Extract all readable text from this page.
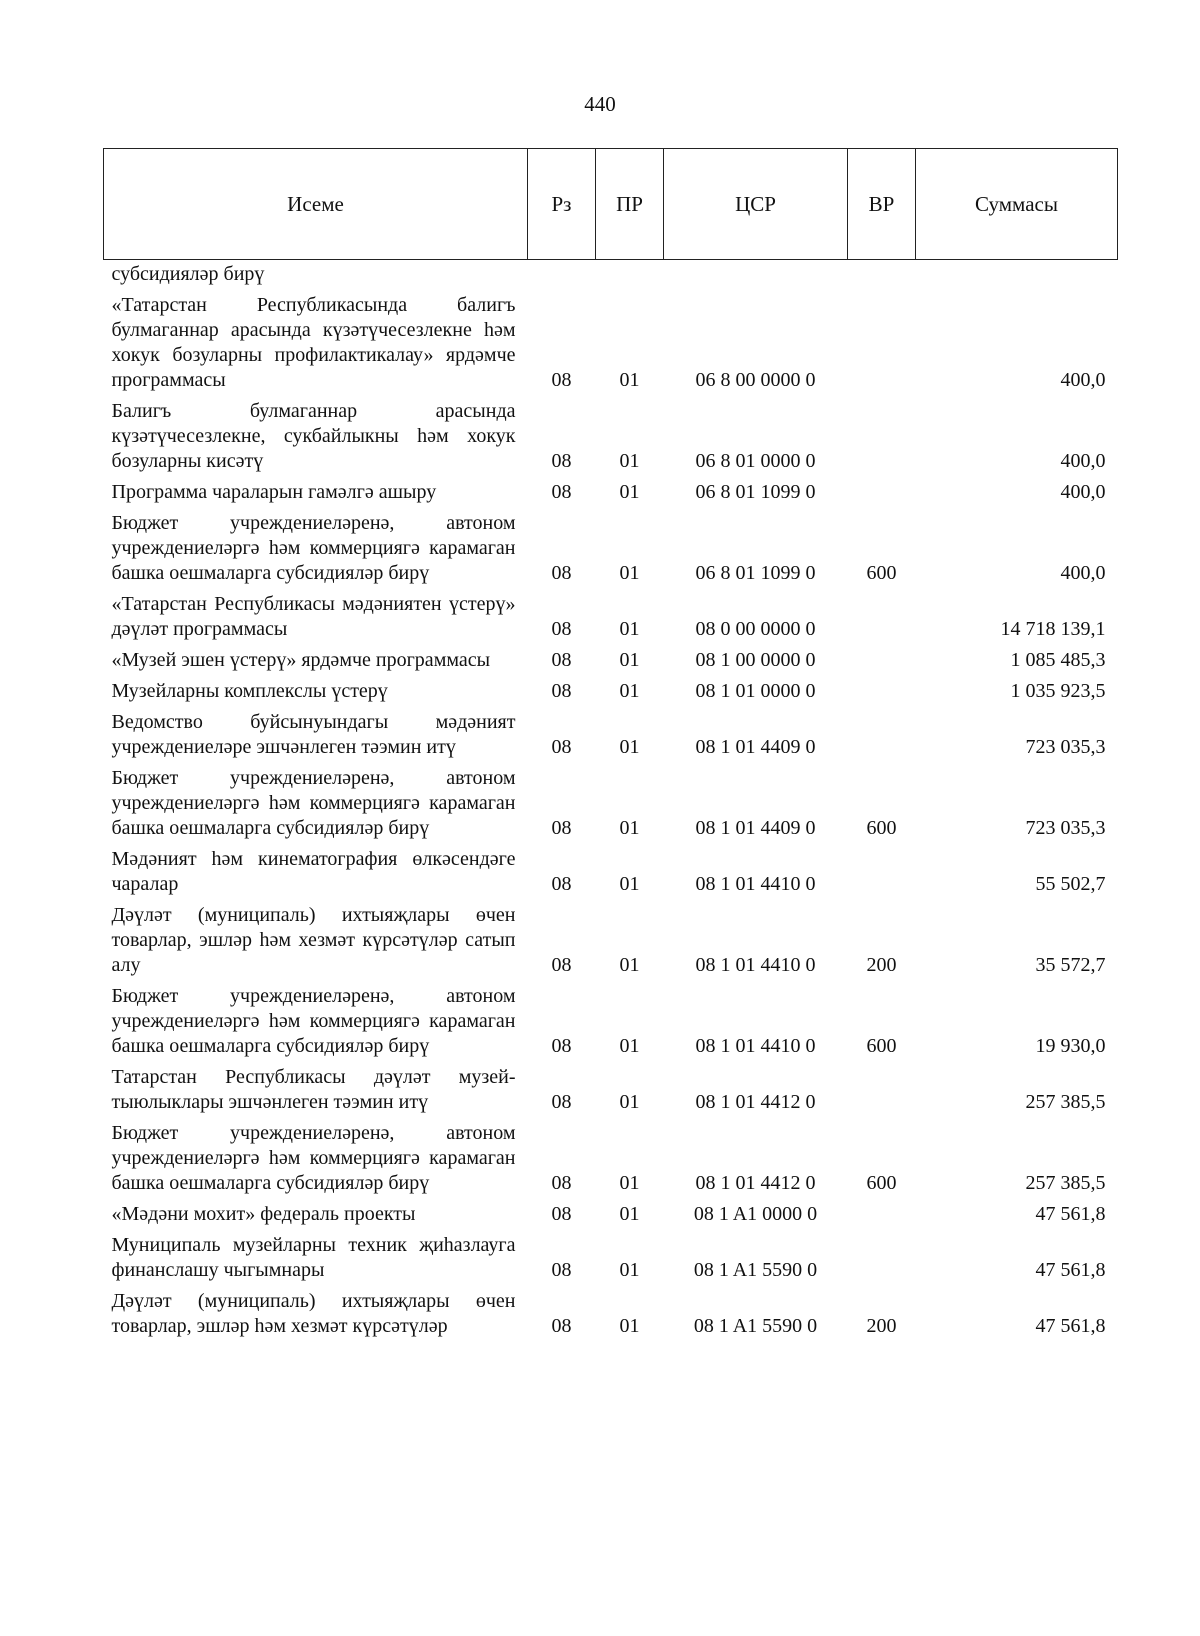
440
Исеме	Рз	ПР	ЦСР	ВР	Суммасы

субсидияләр бирү					

«Татарстан Республикасында балигъ булмаганнар арасында күзәтүчесезлекне һәм хокук бозуларны профилактикалау» ярдәмче программасы	08	01	06 8 00 0000 0		400,0

Балигъ булмаганнар арасында күзәтүчесезлекне, сукбайлыкны һәм хокук бозуларны кисәтү	08	01	06 8 01 0000 0		400,0

Программа чараларын гамәлгә ашыру	08	01	06 8 01 1099 0		400,0

Бюджет учреждениеләренә, автоном учреждениеләргә һәм коммерциягә карамаган башка оешмаларга субсидияләр бирү	08	01	06 8 01 1099 0	600	400,0

«Татарстан Республикасы мәдәниятен үстерү» дәүләт программасы	08	01	08 0 00 0000 0		14 718 139,1

«Музей эшен үстерү» ярдәмче программасы	08	01	08 1 00 0000 0		1 085 485,3

Музейларны комплекслы үстерү	08	01	08 1 01 0000 0		1 035 923,5

Ведомство буйсынуындагы мәдәният учреждениеләре эшчәнлеген тәэмин итү	08	01	08 1 01 4409 0		723 035,3

Бюджет учреждениеләренә, автоном учреждениеләргә һәм коммерциягә карамаган башка оешмаларга субсидияләр бирү	08	01	08 1 01 4409 0	600	723 035,3

Мәдәният һәм кинематография өлкәсендәге чаралар	08	01	08 1 01 4410 0		55 502,7

Дәүләт (муниципаль) ихтыяҗлары өчен товарлар, эшләр һәм хезмәт күрсәтүләр сатып алу	08	01	08 1 01 4410 0	200	35 572,7

Бюджет учреждениеләренә, автоном учреждениеләргә һәм коммерциягә карамаган башка оешмаларга субсидияләр бирү	08	01	08 1 01 4410 0	600	19 930,0

Татарстан Республикасы дәүләт музей-тыюлыклары эшчәнлеген тәэмин итү	08	01	08 1 01 4412 0		257 385,5

Бюджет учреждениеләренә, автоном учреждениеләргә һәм коммерциягә карамаган башка оешмаларга субсидияләр бирү	08	01	08 1 01 4412 0	600	257 385,5

«Мәдәни мохит» федераль проекты	08	01	08 1 A1 0000 0		47 561,8

Муниципаль музейларны техник җиһазлауга финанслашу чыгымнары	08	01	08 1 A1 5590 0		47 561,8

Дәүләт (муниципаль) ихтыяҗлары өчен товарлар, эшләр һәм хезмәт күрсәтүләр	08	01	08 1 A1 5590 0	200	47 561,8
